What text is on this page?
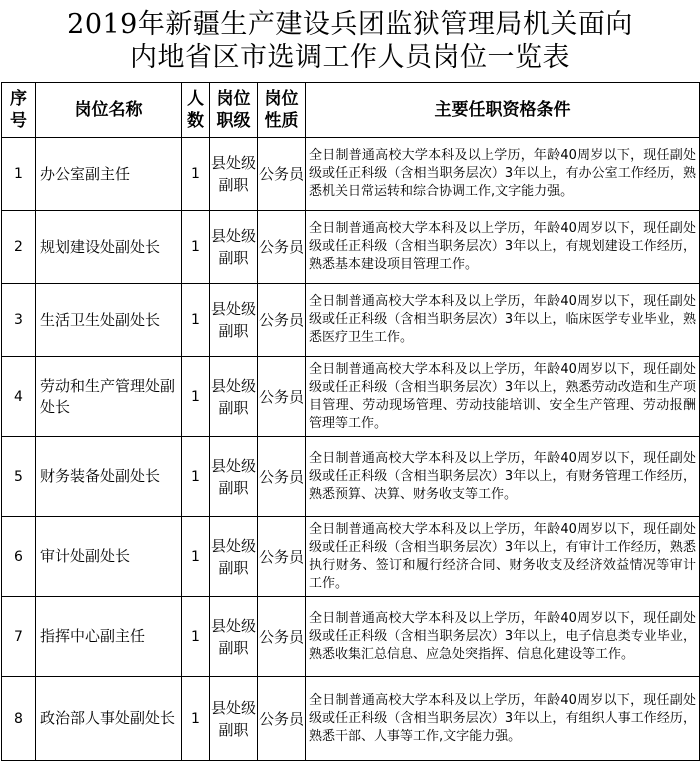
2019年新疆生产建设兵团监狱管理局机关面向
内地省区市选调工作人员岗位一览表
序号	岗位名称	人数	岗位职级	岗位性质	主要任职资格条件
1	办公室副主任	1	县处级副职	公务员	全日制普通高校大学本科及以上学历，年龄40周岁以下，现任副处级或任正科级（含相当职务层次）3年以上，有办公室工作经历，熟悉机关日常运转和综合协调工作,文字能力强。
2	规划建设处副处长	1	县处级副职	公务员	全日制普通高校大学本科及以上学历，年龄40周岁以下，现任副处级或任正科级（含相当职务层次）3年以上，有规划建设工作经历，熟悉基本建设项目管理工作。
3	生活卫生处副处长	1	县处级副职	公务员	全日制普通高校大学本科及以上学历，年龄40周岁以下，现任副处级或任正科级（含相当职务层次）3年以上，临床医学专业毕业，熟悉医疗卫生工作。
4	劳动和生产管理处副处长	1	县处级副职	公务员	全日制普通高校大学本科及以上学历，年龄40周岁以下，现任副处级或任正科级（含相当职务层次）3年以上，熟悉劳动改造和生产项目管理、劳动现场管理、劳动技能培训、安全生产管理、劳动报酬管理等工作。
5	财务装备处副处长	1	县处级副职	公务员	全日制普通高校大学本科及以上学历，年龄40周岁以下，现任副处级或任正科级（含相当职务层次）3年以上，有财务管理工作经历，熟悉预算、决算、财务收支等工作。
6	审计处副处长	1	县处级副职	公务员	全日制普通高校大学本科及以上学历，年龄40周岁以下，现任副处级或任正科级（含相当职务层次）3年以上，有审计工作经历，熟悉执行财务、签订和履行经济合同、财务收支及经济效益情况等审计工作。
7	指挥中心副主任	1	县处级副职	公务员	全日制普通高校大学本科及以上学历，年龄40周岁以下，现任副处级或任正科级（含相当职务层次）3年以上，电子信息类专业毕业，熟悉收集汇总信息、应急处突指挥、信息化建设等工作。
8	政治部人事处副处长	1	县处级副职	公务员	全日制普通高校大学本科及以上学历，年龄40周岁以下，现任副处级或任正科级（含相当职务层次）3年以上，有组织人事工作经历，熟悉干部、人事等工作,文字能力强。
